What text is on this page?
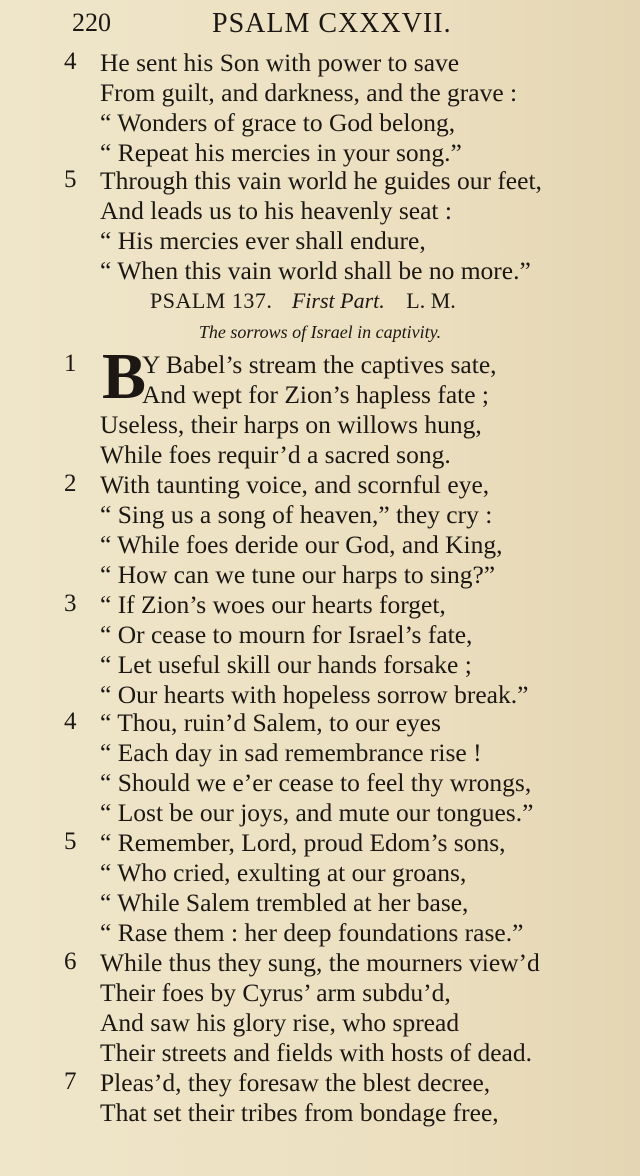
220	PSALM CXXXVII.
4 He sent his Son with power to save
From guilt, and darkness, and the grave :
“ Wonders of grace to God belong,
“ Repeat his mercies in your song.”
5 Through this vain world he guides our feet,
And leads us to his heavenly seat :
“ His mercies ever shall endure,
“ When this vain world shall be no more.”
PSALM 137. First Part. L. M.
The sorrows of Israel in captivity.
1 B
Y Babel’s stream the captives sate,
And wept for Zion’s hapless fate ;
Useless, their harps on willows hung,
While foes requir’d a sacred song.
2 With taunting voice, and scornful eye,
“ Sing us a song of heaven,” they cry :
“ While foes deride our God, and King,
“ How can we tune our harps to sing?”
3 “ If Zion’s woes our hearts forget,
“ Or cease to mourn for Israel’s fate,
“ Let useful skill our hands forsake ;
“ Our hearts with hopeless sorrow break.”
4 “ Thou, ruin’d Salem, to our eyes
“ Each day in sad remembrance rise !
“ Should we e’er cease to feel thy wrongs,
“ Lost be our joys, and mute our tongues.”
5 “ Remember, Lord, proud Edom’s sons,
“ Who cried, exulting at our groans,
“ While Salem trembled at her base,
“ Rase them : her deep foundations rase.”
6 While thus they sung, the mourners view’d
Their foes by Cyrus’ arm subdu’d,
And saw his glory rise, who spread
Their streets and fields with hosts of dead.
7 Pleas’d, they foresaw the blest decree,
That set their tribes from bondage free,
